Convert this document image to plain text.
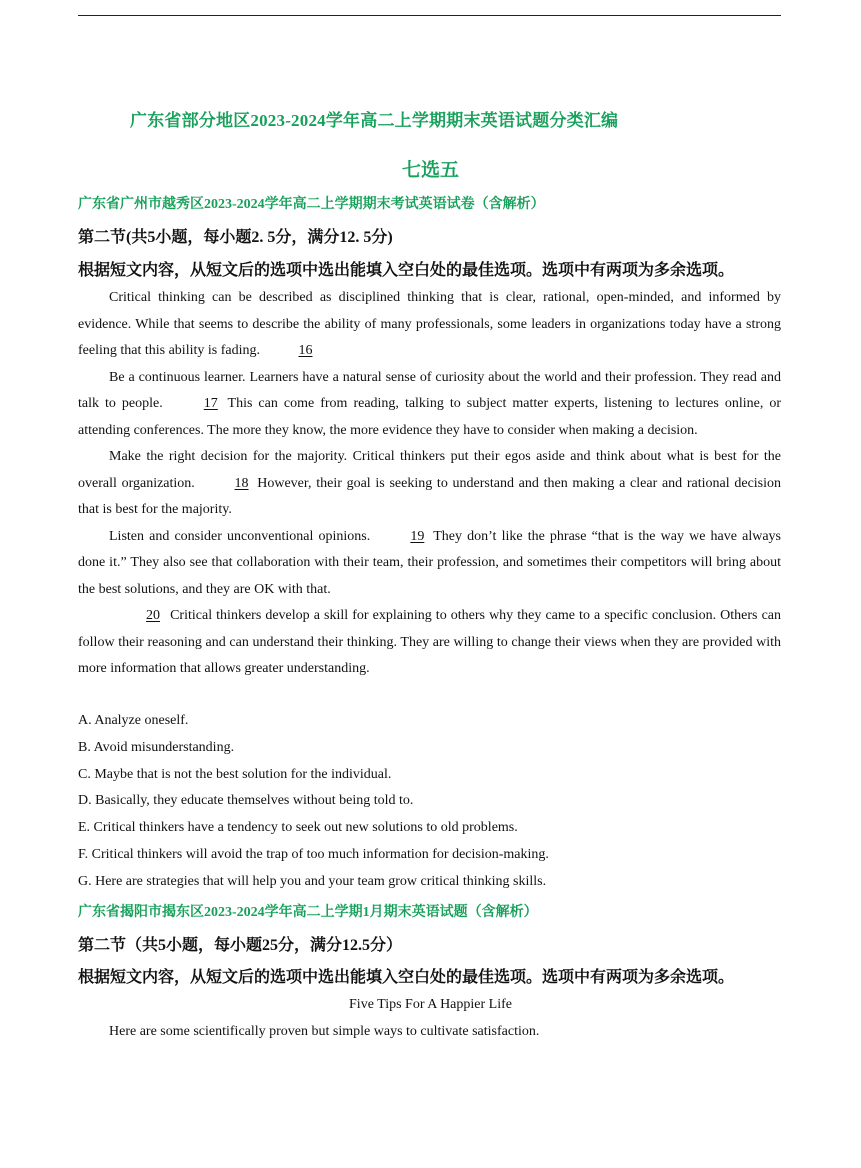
广东省部分地区2023-2024学年高二上学期期末英语试题分类汇编
七选五
广东省广州市越秀区2023-2024学年高二上学期期末考试英语试卷（含解析）
第二节(共5小题，每小题2. 5分，满分12. 5分)
根据短文内容，从短文后的选项中选出能填入空白处的最佳选项。选项中有两项为多余选项。

Critical thinking can be described as disciplined thinking that is clear, rational, open-minded, and informed by evidence. While that seems to describe the ability of many professionals, some leaders in organizations today have a strong feeling that this ability is fading.	16

Be a continuous learner. Learners have a natural sense of curiosity about the world and their profession. They read and talk to people.	17 This can come from reading, talking to subject matter experts, listening to lectures online, or attending conferences. The more they know, the more evidence they have to consider when making a decision.

Make the right decision for the majority. Critical thinkers put their egos aside and think about what is best for the overall organization.	18 However, their goal is seeking to understand and then making a clear and rational decision that is best for the majority.

Listen and consider unconventional opinions.	19 They don’t like the phrase “that is the way we have always done it.” They also see that collaboration with their team, their profession, and sometimes their competitors will bring about the best solutions, and they are OK with that.

20 Critical thinkers develop a skill for explaining to others why they came to a specific conclusion. Others can follow their reasoning and can understand their thinking. They are willing to change their views when they are provided with more information that allows greater understanding.

A. Analyze oneself.
B. Avoid misunderstanding.
C. Maybe that is not the best solution for the individual.
D. Basically, they educate themselves without being told to.
E. Critical thinkers have a tendency to seek out new solutions to old problems.
F. Critical thinkers will avoid the trap of too much information for decision-making.
G. Here are strategies that will help you and your team grow critical thinking skills.
广东省揭阳市揭东区2023-2024学年高二上学期1月期末英语试题（含解析）
第二节（共5小题，每小题25分，满分12.5分）
根据短文内容，从短文后的选项中选出能填入空白处的最佳选项。选项中有两项为多余选项。
Five Tips For A Happier Life
Here are some scientifically proven but simple ways to cultivate satisfaction.
